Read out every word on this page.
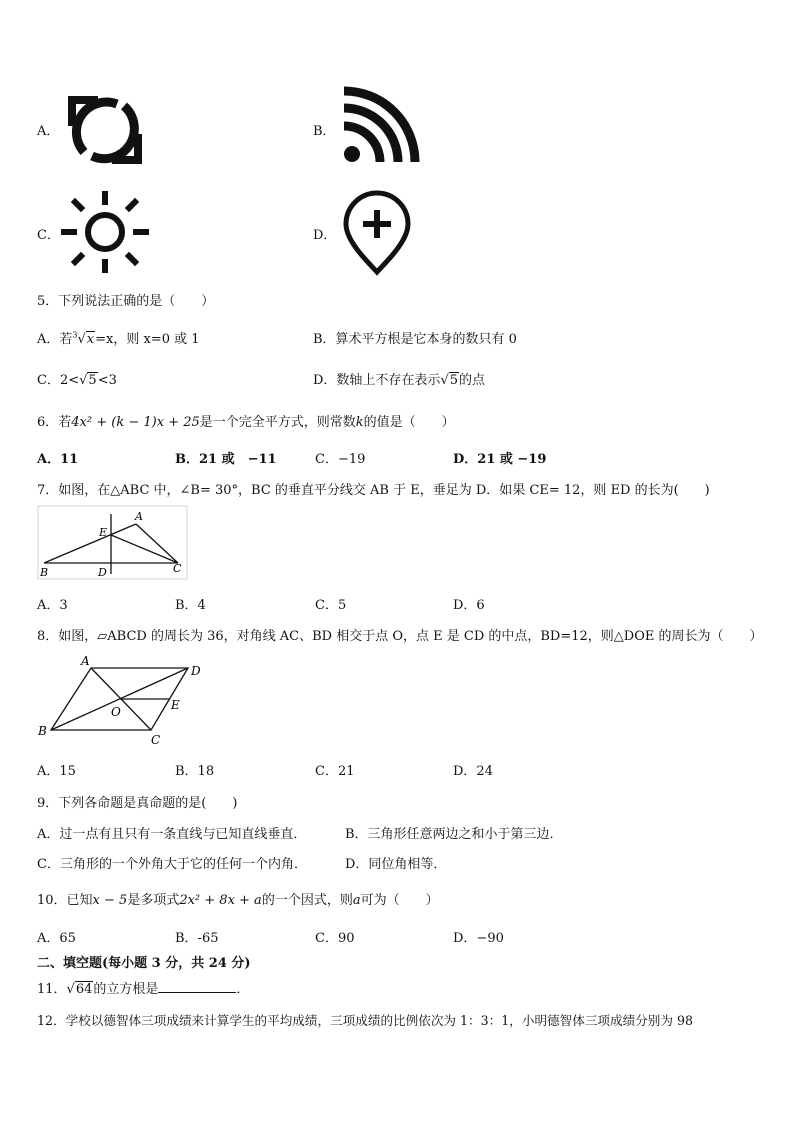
A．	B．
C．	D．
5．下列说法正确的是（　　）
A．若$^3$√x=x，则 x=0 或 1	B．算术平方根是它本身的数只有 0
C．2<√5<3	D．数轴上不存在表示√5的点
6．若4x² + (k − 1)x + 25是一个完全平方式，则常数k的值是（　　）
A．11	B．21 或　−11	C．−19	D．21 或 −19
7．如图，在△ABC 中，∠B= 30°，BC 的垂直平分线交 AB 于 E，垂足为 D．如果 CE= 12，则 ED 的长为(　　)
A
E
B	D	C
A．3	B．4	C．5	D．6
8．如图，▱ABCD 的周长为 36，对角线 AC、BD 相交于点 O，点 E 是 CD 的中点，BD=12，则△DOE 的周长为（　　）
A
D
B
C
O	E
A．15	B．18	C．21	D．24
9．下列各命题是真命题的是(　　)
A．过一点有且只有一条直线与已知直线垂直．	B．三角形任意两边之和小于第三边．
C．三角形的一个外角大于它的任何一个内角．	D．同位角相等．
10．已知x − 5是多项式2x² + 8x + a的一个因式，则a可为（　　）
A．65	B．-65	C．90	D．−90
二、填空题(每小题 3 分，共 24 分)
11．√64的立方根是	．
12．学校以德智体三项成绩来计算学生的平均成绩，三项成绩的比例依次为 1：3：1，小明德智体三项成绩分别为 98
